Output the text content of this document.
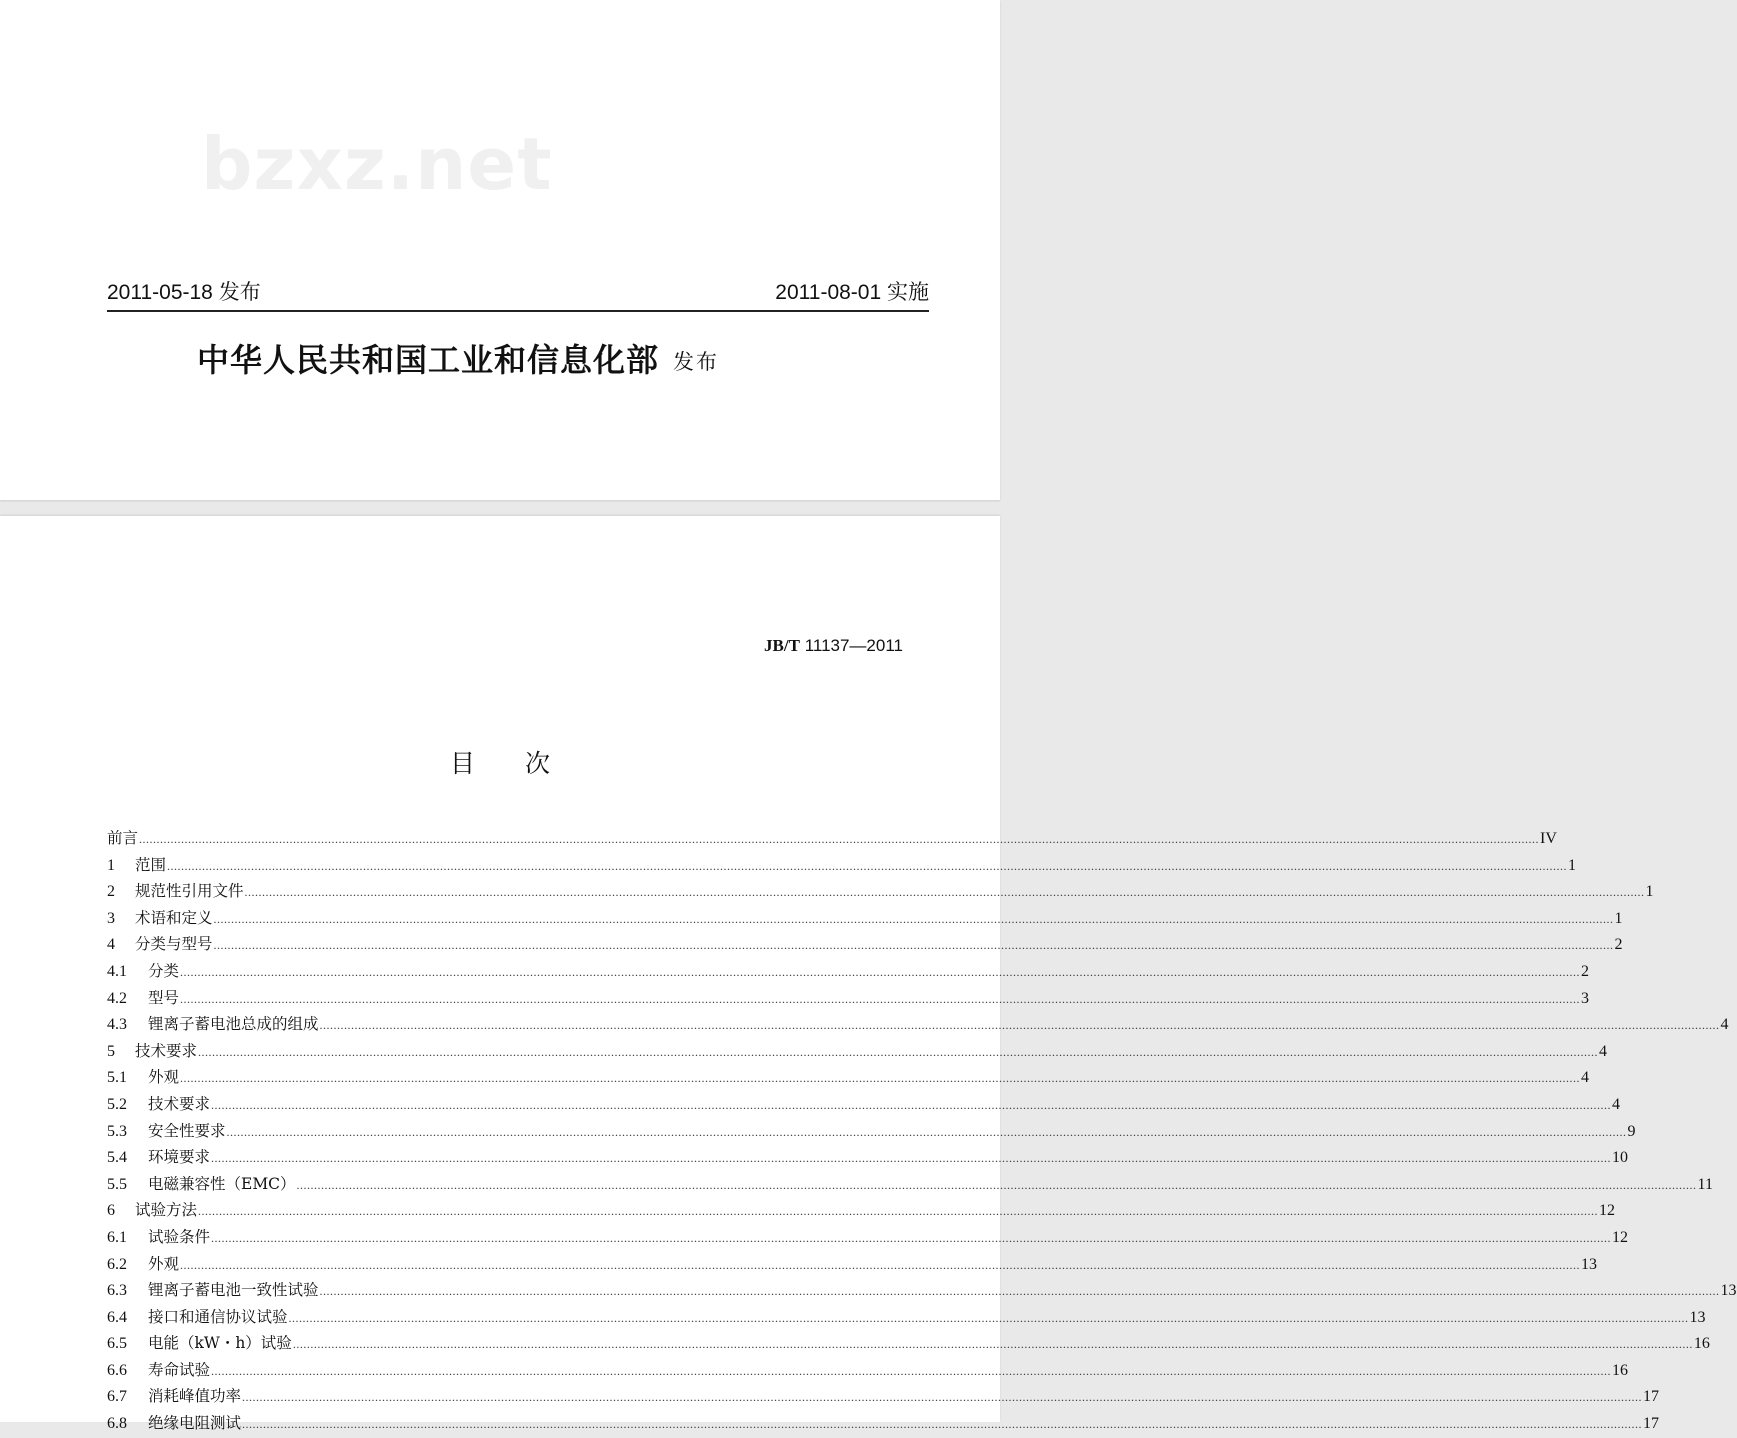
bzxz.net
2011-05-18 发布	2011-08-01 实施
中华人民共和国工业和信息化部 发布
JB/T 11137—2011
目次
前言 ................................................................................................................................................................................................................................................................................................................................................................................................................ IV
1	范围 ................................................................................................................................................................................................................................................................................................................................................................................................................ 1
2	规范性引用文件 ................................................................................................................................................................................................................................................................................................................................................................................................................ 1
3	术语和定义 ................................................................................................................................................................................................................................................................................................................................................................................................................ 1
4	分类与型号 ................................................................................................................................................................................................................................................................................................................................................................................................................ 2
4.1	分类 ................................................................................................................................................................................................................................................................................................................................................................................................................ 2
4.2	型号 ................................................................................................................................................................................................................................................................................................................................................................................................................ 3
4.3	锂离子蓄电池总成的组成 ................................................................................................................................................................................................................................................................................................................................................................................................................ 4
5	技术要求 ................................................................................................................................................................................................................................................................................................................................................................................................................ 4
5.1	外观 ................................................................................................................................................................................................................................................................................................................................................................................................................ 4
5.2	技术要求 ................................................................................................................................................................................................................................................................................................................................................................................................................ 4
5.3	安全性要求 ................................................................................................................................................................................................................................................................................................................................................................................................................ 9
5.4	环境要求 ................................................................................................................................................................................................................................................................................................................................................................................................................ 10
5.5	电磁兼容性（EMC） ................................................................................................................................................................................................................................................................................................................................................................................................................ 11
6	试验方法 ................................................................................................................................................................................................................................................................................................................................................................................................................ 12
6.1	试验条件 ................................................................................................................................................................................................................................................................................................................................................................................................................ 12
6.2	外观 ................................................................................................................................................................................................................................................................................................................................................................................................................ 13
6.3	锂离子蓄电池一致性试验 ................................................................................................................................................................................................................................................................................................................................................................................................................ 13
6.4	接口和通信协议试验 ................................................................................................................................................................................................................................................................................................................................................................................................................ 13
6.5	电能（kW・h）试验 ................................................................................................................................................................................................................................................................................................................................................................................................................ 16
6.6	寿命试验 ................................................................................................................................................................................................................................................................................................................................................................................................................ 16
6.7	消耗峰值功率 ................................................................................................................................................................................................................................................................................................................................................................................................................ 17
6.8	绝缘电阻测试 ................................................................................................................................................................................................................................................................................................................................................................................................................ 17
